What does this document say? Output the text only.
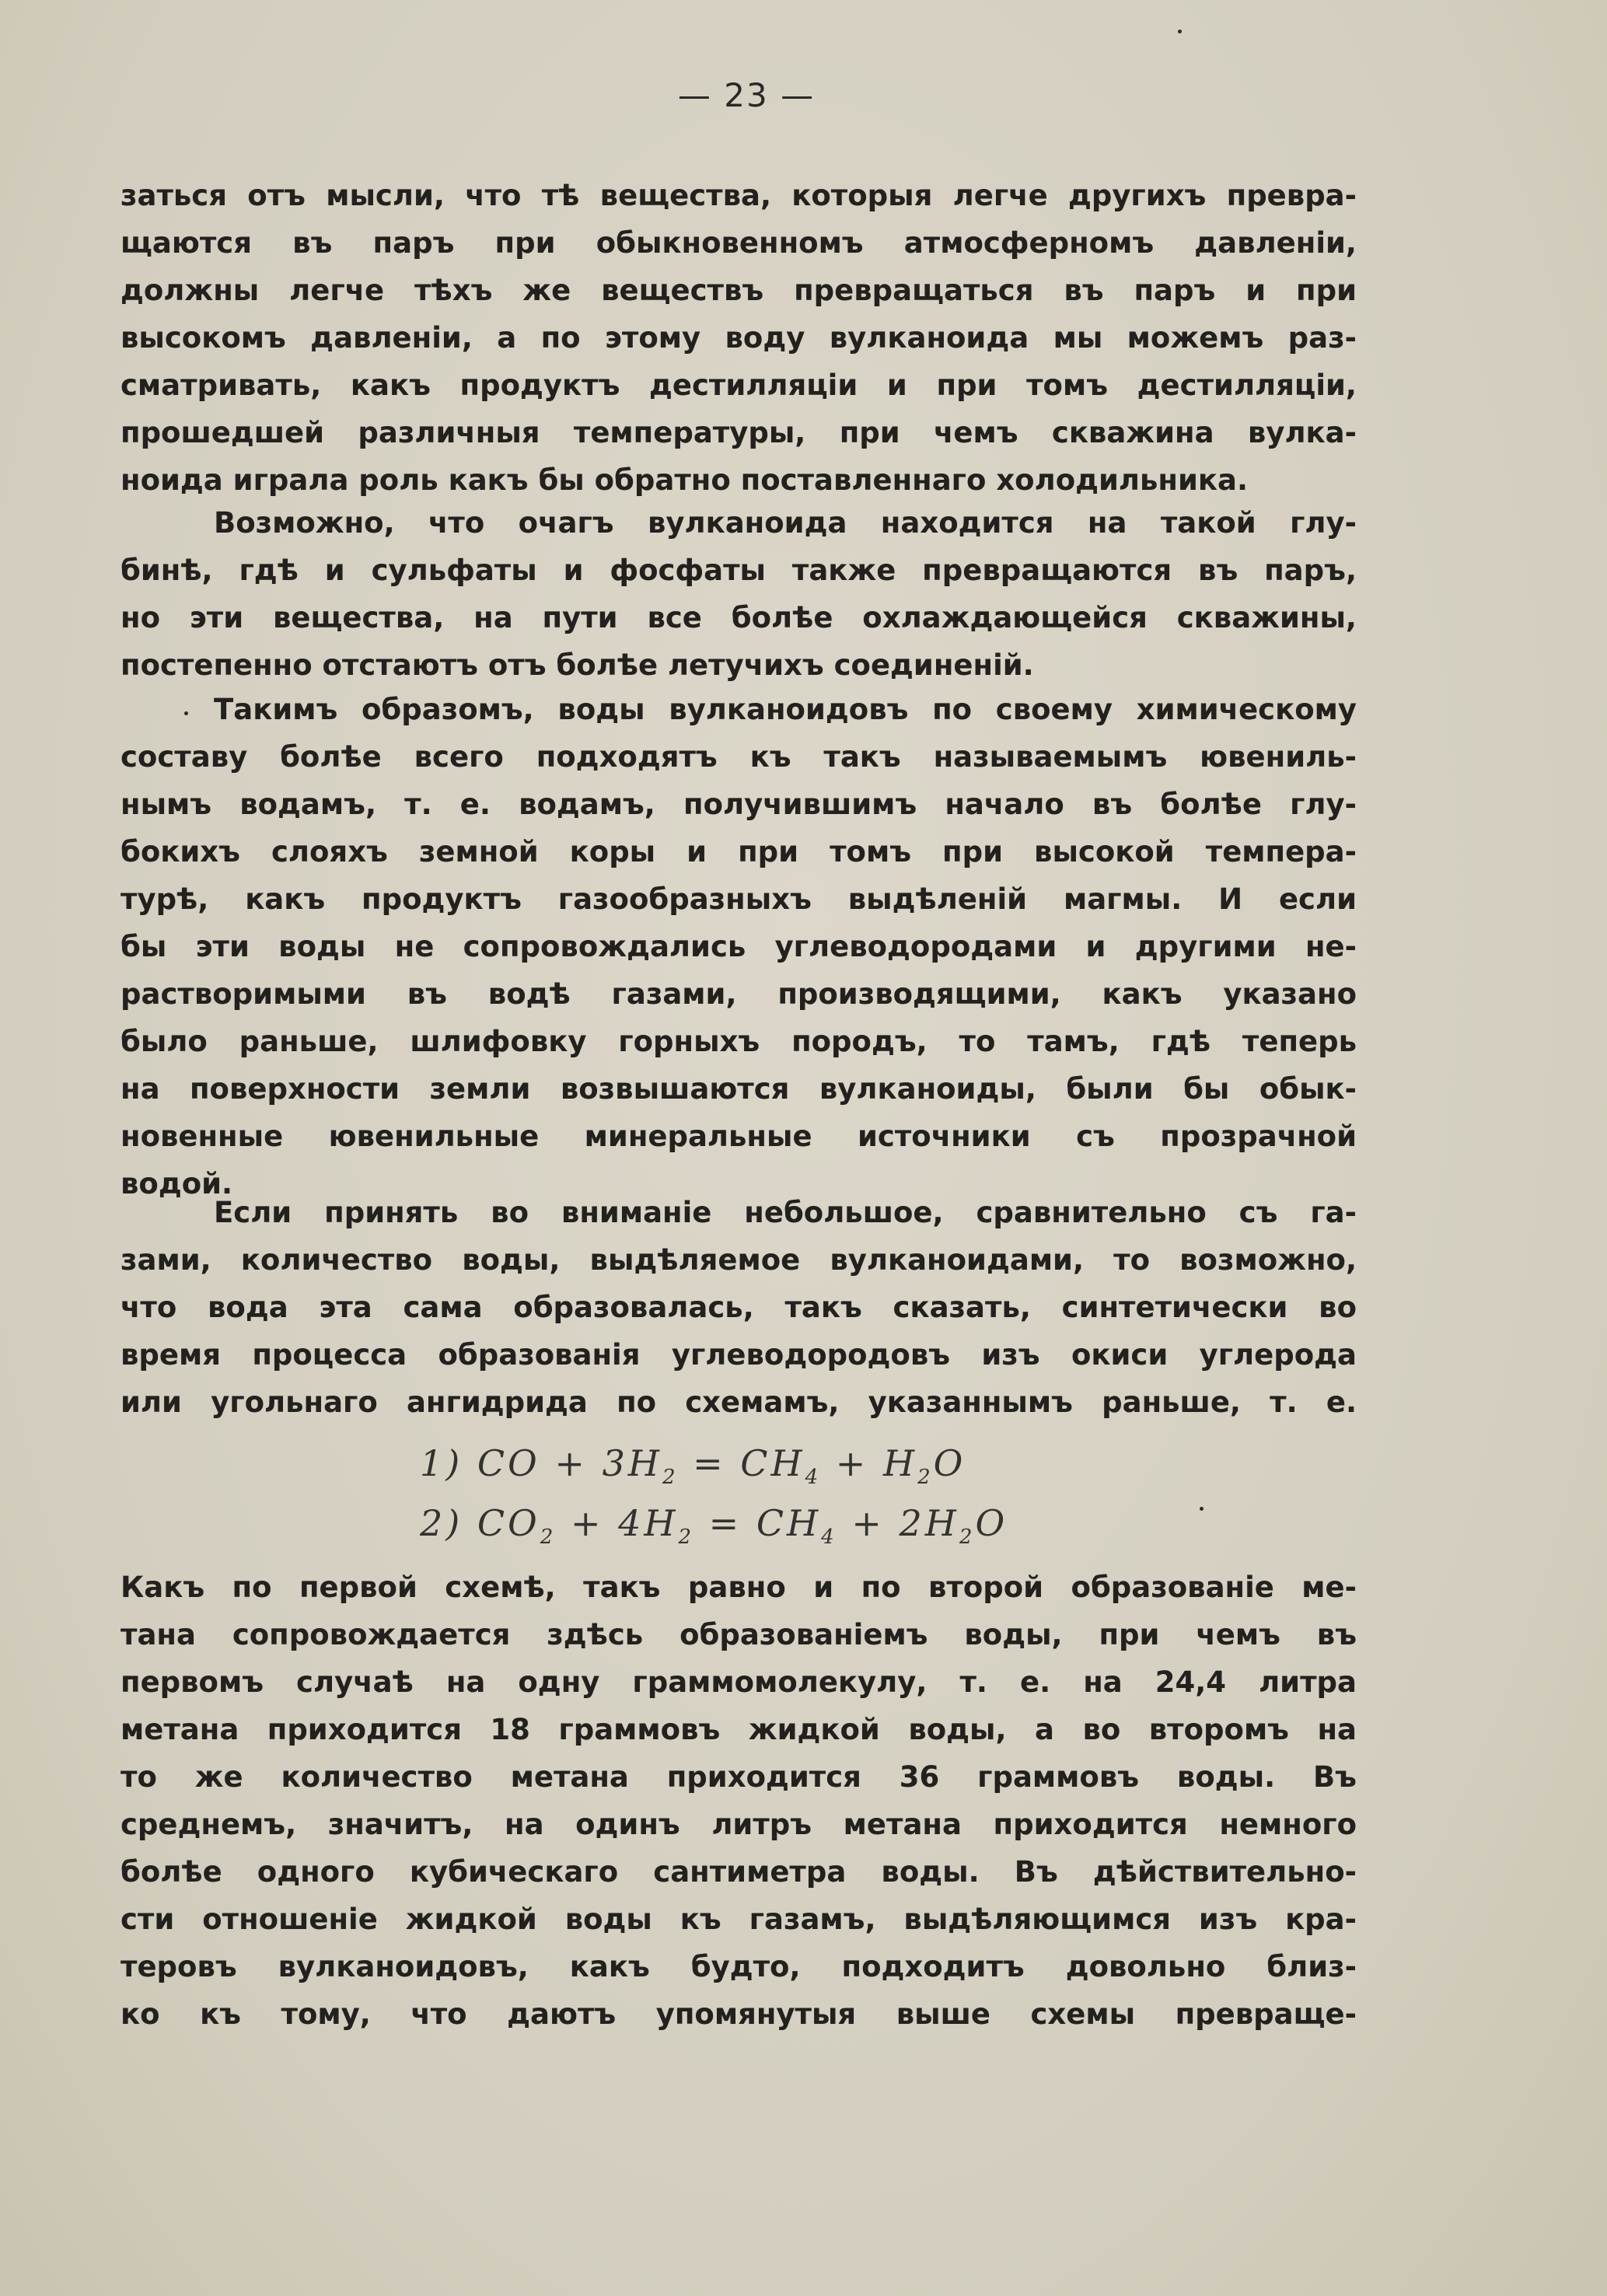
— 23 —
заться отъ мысли, что тѣ вещества, которыя легче другихъ превра-
щаются въ паръ при обыкновенномъ атмосферномъ давленіи,
должны легче тѣхъ же веществъ превращаться въ паръ и при
высокомъ давленіи, а по этому воду вулканоида мы можемъ раз-
сматривать, какъ продуктъ дестилляціи и при томъ дестилляціи,
прошедшей различныя температуры, при чемъ скважина вулка-
ноида играла роль какъ бы обратно поставленнаго холодильника.
Возможно, что очагъ вулканоида находится на такой глу-
бинѣ, гдѣ и сульфаты и фосфаты также превращаются въ паръ,
но эти вещества, на пути все болѣе охлаждающейся скважины,
постепенно отстаютъ отъ болѣе летучихъ соединеній.
Такимъ образомъ, воды вулканоидовъ по своему химическому
составу болѣе всего подходятъ къ такъ называемымъ ювениль-
нымъ водамъ, т. е. водамъ, получившимъ начало въ болѣе глу-
бокихъ слояхъ земной коры и при томъ при высокой темпера-
турѣ, какъ продуктъ газообразныхъ выдѣленій магмы. И если
бы эти воды не сопровождались углеводородами и другими не-
растворимыми въ водѣ газами, производящими, какъ указано
было раньше, шлифовку горныхъ породъ, то тамъ, гдѣ теперь
на поверхности земли возвышаются вулканоиды, были бы обык-
новенные ювенильные минеральные источники съ прозрачной
водой.
Если принять во вниманіе небольшое, сравнительно съ га-
зами, количество воды, выдѣляемое вулканоидами, то возможно,
что вода эта сама образовалась, такъ сказать, синтетически во
время процесса образованія углеводородовъ изъ окиси углерода
или угольнаго ангидрида по схемамъ, указаннымъ раньше, т. е.
1) CO + $3H_2 = CH_4 + H_2O$
2) $CO_2 + 4H_2 = CH_4 + 2H_2O$
Какъ по первой схемѣ, такъ равно и по второй образованіе ме-
тана сопровождается здѣсь образованіемъ воды, при чемъ въ
первомъ случаѣ на одну граммомолекулу, т. е. на 24,4 литра
метана приходится 18 граммовъ жидкой воды, а во второмъ на
то же количество метана приходится 36 граммовъ воды. Въ
среднемъ, значитъ, на одинъ литръ метана приходится немного
болѣе одного кубическаго сантиметра воды. Въ дѣйствительно-
сти отношеніе жидкой воды къ газамъ, выдѣляющимся изъ кра-
теровъ вулканоидовъ, какъ будто, подходитъ довольно близ-
ко къ тому, что даютъ упомянутыя выше схемы превраще-
